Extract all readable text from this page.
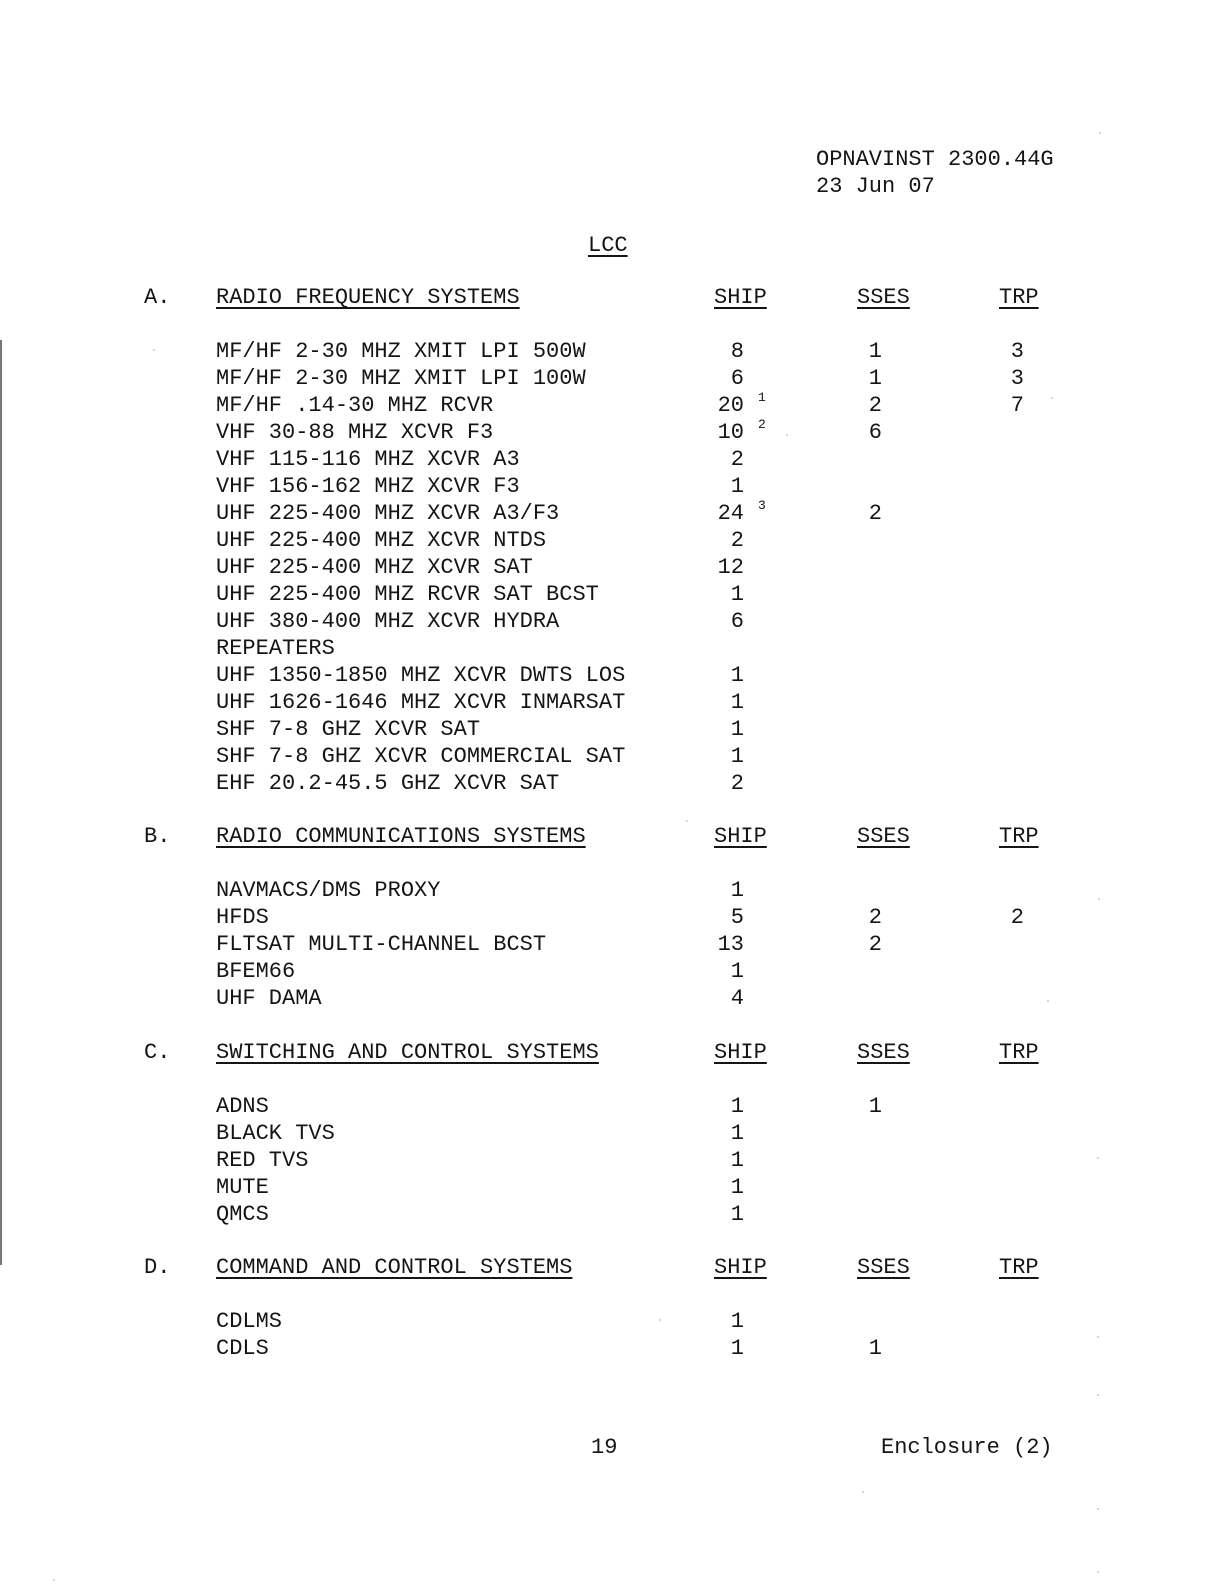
OPNAVINST 2300.44G
23 Jun 07
LCC
A. RADIO FREQUENCY SYSTEMS	SHIP	SSES	TRP
MF/HF 2-30 MHZ XMIT LPI 500W	8	1	3
MF/HF 2-30 MHZ XMIT LPI 100W	6	1	3
MF/HF .14-30 MHZ RCVR	20 1	2	7
VHF 30-88 MHZ XCVR F3	10 2	6
VHF 115-116 MHZ XCVR A3	2
VHF 156-162 MHZ XCVR F3	1
UHF 225-400 MHZ XCVR A3/F3	24 3	2
UHF 225-400 MHZ XCVR NTDS	2
UHF 225-400 MHZ XCVR SAT	12
UHF 225-400 MHZ RCVR SAT BCST	1
UHF 380-400 MHZ XCVR HYDRA	6
REPEATERS
UHF 1350-1850 MHZ XCVR DWTS LOS	1
UHF 1626-1646 MHZ XCVR INMARSAT	1
SHF 7-8 GHZ XCVR SAT	1
SHF 7-8 GHZ XCVR COMMERCIAL SAT	1
EHF 20.2-45.5 GHZ XCVR SAT	2
B. RADIO COMMUNICATIONS SYSTEMS	SHIP	SSES	TRP
NAVMACS/DMS PROXY	1
HFDS	5	2	2
FLTSAT MULTI-CHANNEL BCST	13	2
BFEM66	1
UHF DAMA	4
C. SWITCHING AND CONTROL SYSTEMS	SHIP	SSES	TRP
ADNS	1	1
BLACK TVS	1
RED TVS	1
MUTE	1
QMCS	1
D. COMMAND AND CONTROL SYSTEMS	SHIP	SSES	TRP
CDLMS	1
CDLS	1	1
19	Enclosure (2)
